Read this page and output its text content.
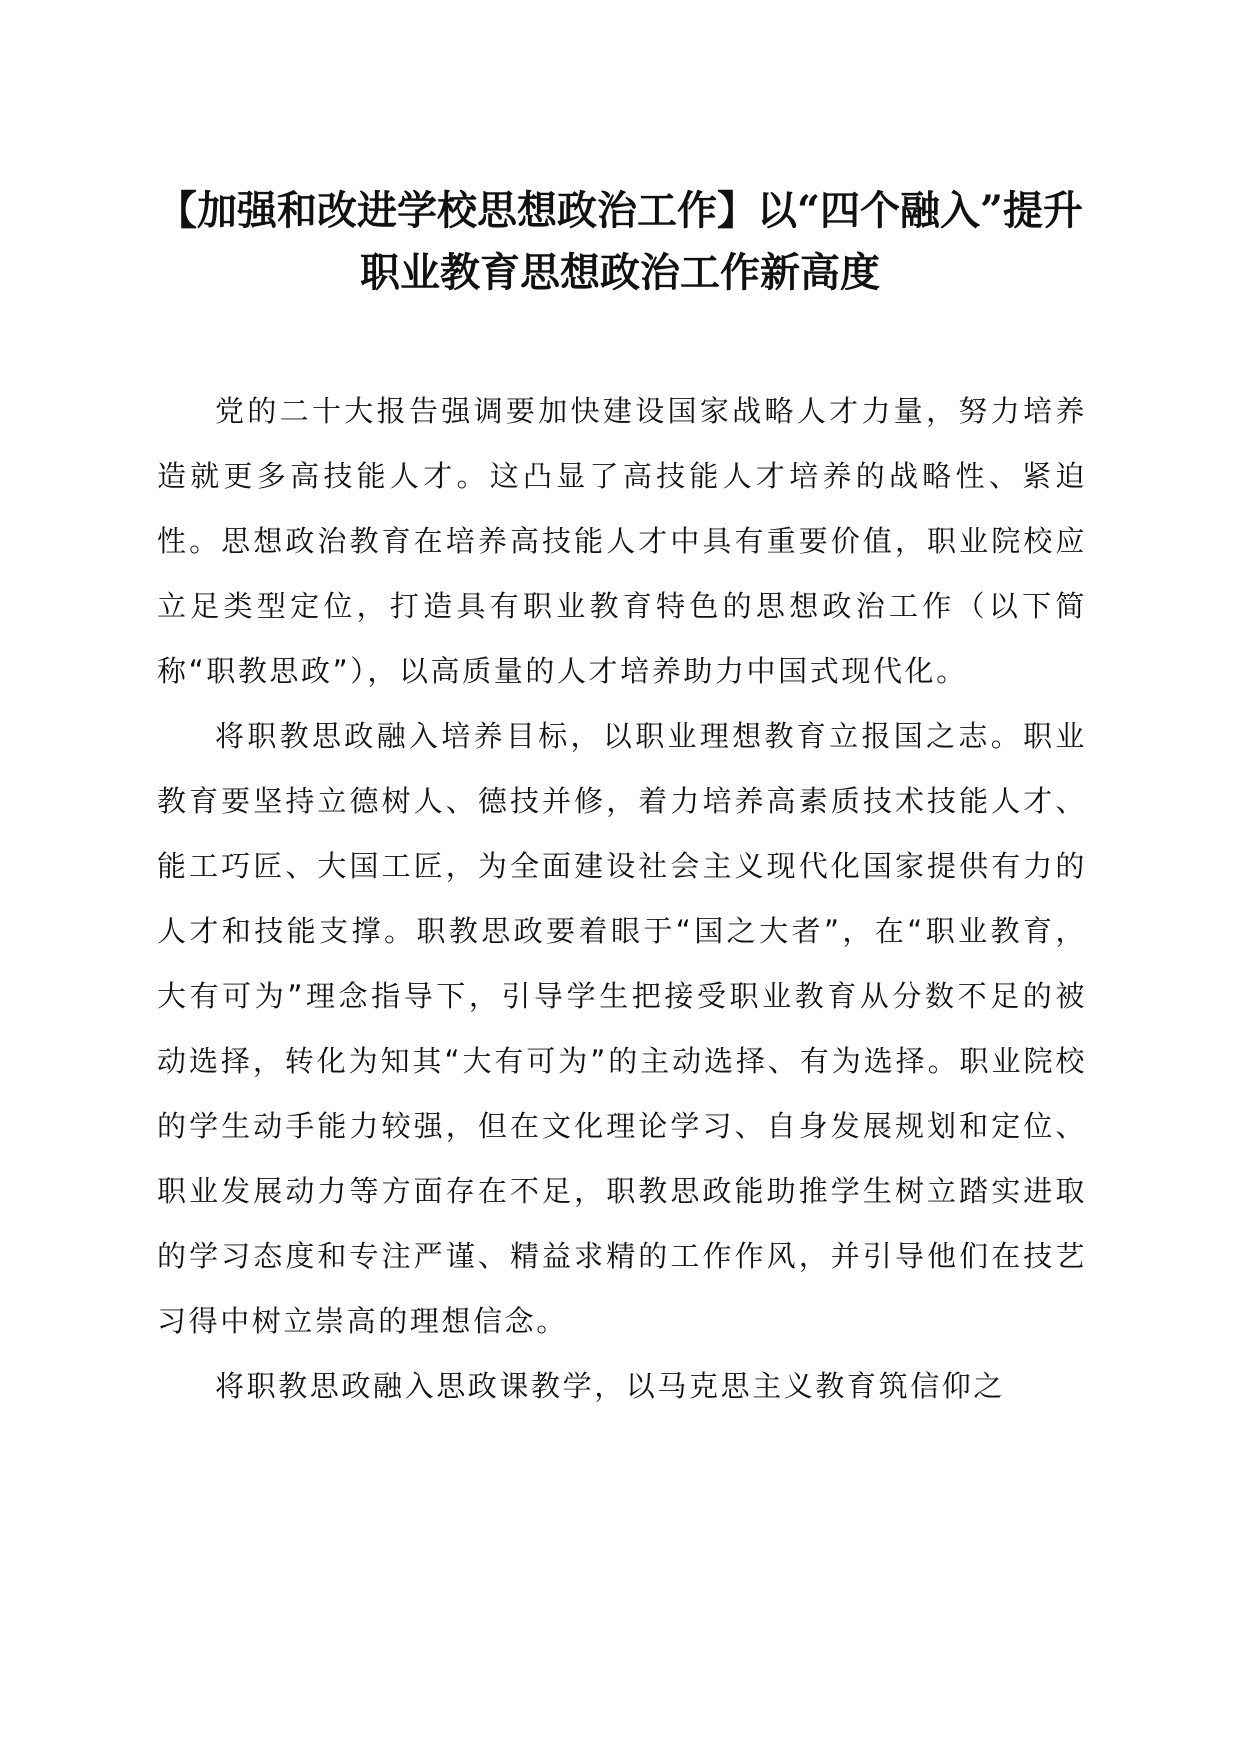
【加强和改进学校思想政治工作】以“四个融入”提升职业教育思想政治工作新高度

党的二十大报告强调要加快建设国家战略人才力量，努力培养造就更多高技能人才。这凸显了高技能人才培养的战略性、紧迫性。思想政治教育在培养高技能人才中具有重要价值，职业院校应立足类型定位，打造具有职业教育特色的思想政治工作（以下简称“职教思政”），以高质量的人才培养助力中国式现代化。

将职教思政融入培养目标，以职业理想教育立报国之志。职业教育要坚持立德树人、德技并修，着力培养高素质技术技能人才、能工巧匠、大国工匠，为全面建设社会主义现代化国家提供有力的人才和技能支撑。职教思政要着眼于“国之大者”，在“职业教育，大有可为”理念指导下，引导学生把接受职业教育从分数不足的被动选择，转化为知其“大有可为”的主动选择、有为选择。职业院校的学生动手能力较强，但在文化理论学习、自身发展规划和定位、职业发展动力等方面存在不足，职教思政能助推学生树立踏实进取的学习态度和专注严谨、精益求精的工作作风，并引导他们在技艺习得中树立崇高的理想信念。

将职教思政融入思政课教学，以马克思主义教育筑信仰之
